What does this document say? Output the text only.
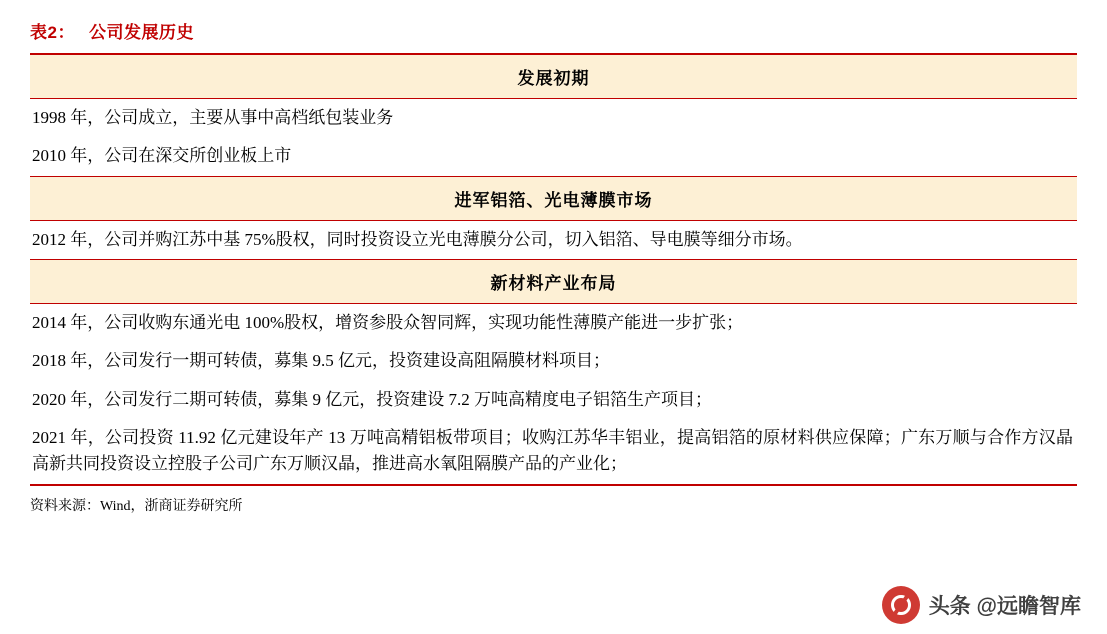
表2： 公司发展历史
发展初期
1998 年，公司成立，主要从事中高档纸包装业务
2010 年，公司在深交所创业板上市
进军铝箔、光电薄膜市场
2012 年，公司并购江苏中基 75%股权，同时投资设立光电薄膜分公司，切入铝箔、导电膜等细分市场。
新材料产业布局
2014 年，公司收购东通光电 100%股权，增资参股众智同辉，实现功能性薄膜产能进一步扩张；
2018 年，公司发行一期可转债，募集 9.5 亿元，投资建设高阻隔膜材料项目；
2020 年，公司发行二期可转债，募集 9 亿元，投资建设 7.2 万吨高精度电子铝箔生产项目；
2021 年，公司投资 11.92 亿元建设年产 13 万吨高精铝板带项目；收购江苏华丰铝业，提高铝箔的原材料供应保障；广东万顺与合作方汉晶高新共同投资设立控股子公司广东万顺汉晶，推进高水氧阻隔膜产品的产业化；
资料来源：Wind，浙商证券研究所
头条 @远瞻智库
